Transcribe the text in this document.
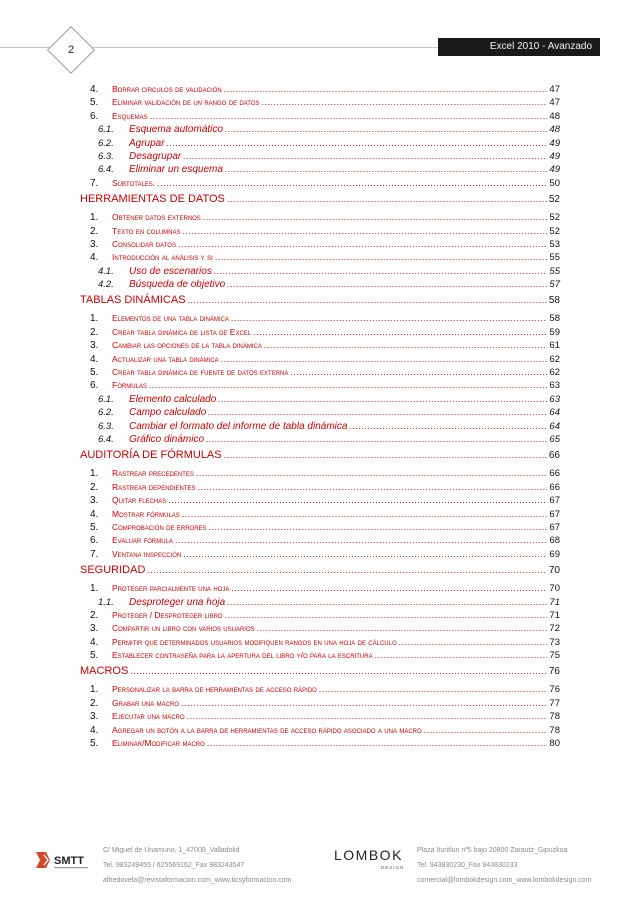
2	Excel 2010 - Avanzado
4.	Borrar círculos de validación .....	47
5.	Eliminar validación de un rango de datos .....	47
6.	Esquemas .....	48
6.1.	Esquema automático .....	48
6.2.	Agrupar .....	49
6.3.	Desagrupar .....	49
6.4.	Eliminar un esquema .....	49
7.	Subtotales. .....	50
HERRAMIENTAS DE DATOS .....	52
1.	Obtener datos externos .....	52
2.	Texto en columnas .....	52
3.	Consolidar datos .....	53
4.	Introducción al análisis y si .....	55
4.1.	Uso de escenarios .....	55
4.2.	Búsqueda de objetivo .....	57
TABLAS DINÁMICAS .....	58
1.	Elementos de una tabla dinámica .....	58
2.	Crear tabla dinámica de lista de Excel .....	59
3.	Cambiar las opciones de la tabla dinámica .....	61
4.	Actualizar una tabla dinámica .....	62
5.	Crear tabla dinámica de fuente de datos externa .....	62
6.	Fórmulas .....	63
6.1.	Elemento calculado .....	63
6.2.	Campo calculado .....	64
6.3.	Cambiar el formato del informe de tabla dinámica .....	64
6.4.	Gráfico dinámico .....	65
AUDITORÍA DE FÓRMULAS .....	66
1.	Rastrear precedentes .....	66
2.	Rastrear dependientes .....	66
3.	Quitar flechas .....	67
4.	Mostrar fórmulas .....	67
5.	Comprobación de errores .....	67
6.	Evaluar fórmula .....	68
7.	Ventana inspección .....	69
SEGURIDAD .....	70
1.	Proteger parcialmente una hoja .....	70
1.1.	Desproteger una hoja .....	71
2.	Proteger / Desproteger libro .....	71
3.	Compartir un libro con varios usuarios .....	72
4.	Permitir que determinados usuarios modifiquen rangos en una hoja de cálculo .....	73
5.	Establecer contraseña para la apertura del libro y/o para la escritura .....	75
MACROS .....	76
1.	Personalizar la barra de herramientas de acceso rápido .....	76
2.	Grabar una macro .....	77
3.	Ejecutar una macro .....	78
4.	Agregar un botón a la barra de herramientas de acceso rápido asociado a una macro .....	78
5.	Eliminar/Modificar macro .....	80
SMTT
C/ Miguel de Unamuno, 1_47008_Valladolid
Tel. 983249455 / 625569162_Fax 983243547
alfredovela@revistaformacion.com_www.ticsyformacion.com
LOMBOK
DESIGN
Plaza Ituritlun nº5 bajo 20800 Zarautz_Gipuzkoa
Tel. 943830230_Fax 943830233
comercial@lombokdesign.com_www.lombokdesign.com
